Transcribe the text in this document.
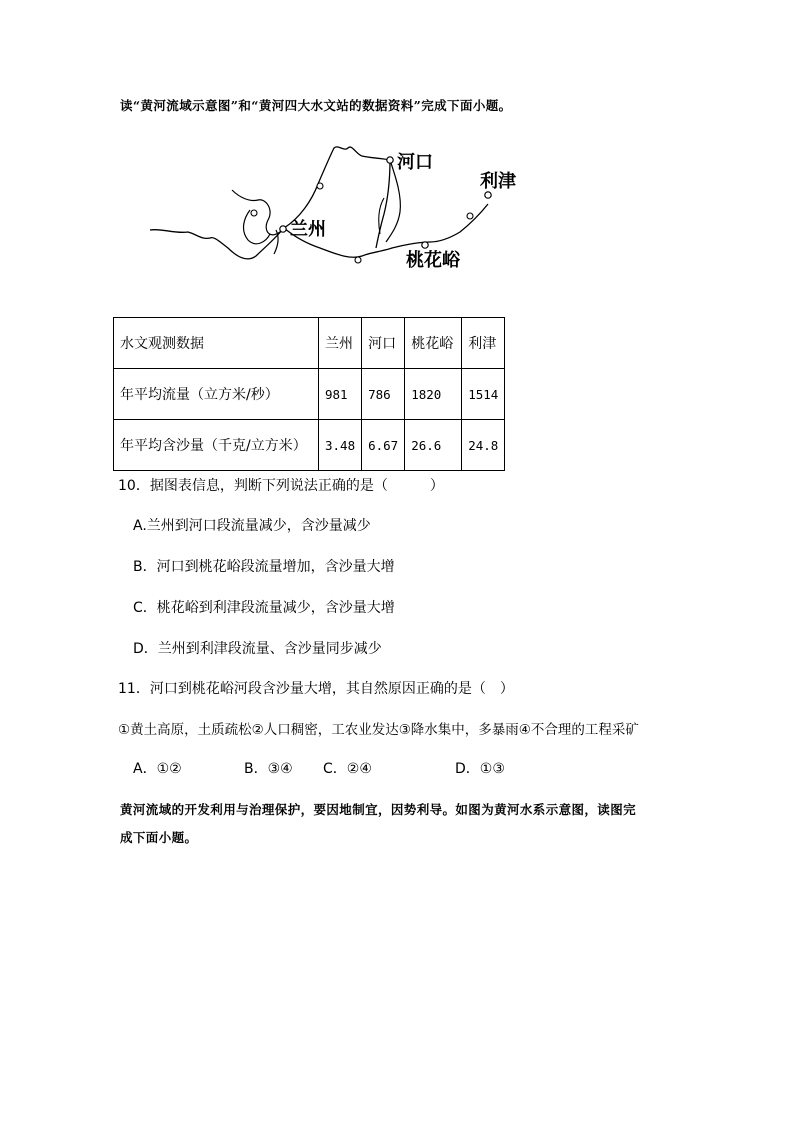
读“黄河流域示意图”和“黄河四大水文站的数据资料”完成下面小题。
河口
利津
兰州
桃花峪
水文观测数据	兰州	河口	桃花峪	利津
年平均流量（立方米/秒）	981	786	1820	1514
年平均含沙量（千克/立方米）	3.48	6.67	26.6	24.8
10．据图表信息，判断下列说法正确的是（　　　）
A.兰州到河口段流量减少，含沙量减少
B．河口到桃花峪段流量增加，含沙量大增
C．桃花峪到利津段流量减少，含沙量大增
D．兰州到利津段流量、含沙量同步减少
11．河口到桃花峪河段含沙量大增，其自然原因正确的是（　）
①黄土高原，土质疏松②人口稠密，工农业发达③降水集中，多暴雨④不合理的工程采矿
A．①②	B．③④ C．②④	D．①③
黄河流域的开发利用与治理保护，要因地制宜，因势利导。如图为黄河水系示意图，读图完
成下面小题。
